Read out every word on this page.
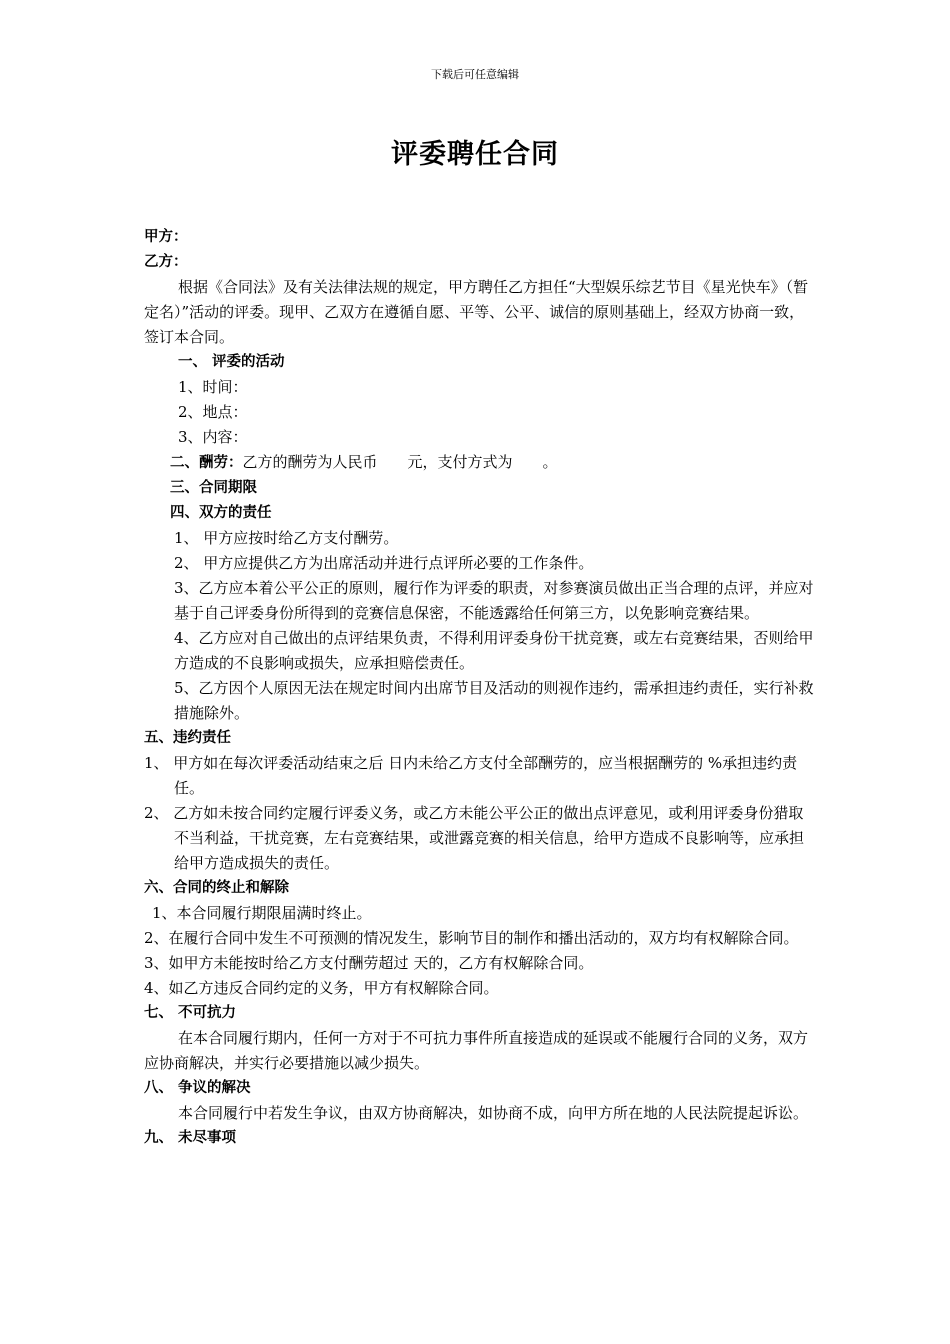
下载后可任意编辑
评委聘任合同
甲方：
乙方：
根据《合同法》及有关法律法规的规定，甲方聘任乙方担任“大型娱乐综艺节目《星光快车》（暂定名）”活动的评委。现甲、乙双方在遵循自愿、平等、公平、诚信的原则基础上，经双方协商一致，签订本合同。
一、 评委的活动
1、时间：
2、地点：
3、内容：
二、酬劳：乙方的酬劳为人民币　　元，支付方式为　　。
三、合同期限
四、双方的责任
1、 甲方应按时给乙方支付酬劳。
2、 甲方应提供乙方为出席活动并进行点评所必要的工作条件。
3、乙方应本着公平公正的原则，履行作为评委的职责，对参赛演员做出正当合理的点评，并应对基于自己评委身份所得到的竞赛信息保密，不能透露给任何第三方，以免影响竞赛结果。
4、乙方应对自己做出的点评结果负责，不得利用评委身份干扰竞赛，或左右竞赛结果，否则给甲方造成的不良影响或损失，应承担赔偿责任。
5、乙方因个人原因无法在规定时间内出席节目及活动的则视作违约，需承担违约责任，实行补救措施除外。
五、违约责任
1、 甲方如在每次评委活动结束之后 日内未给乙方支付全部酬劳的，应当根据酬劳的 %承担违约责任。
2、 乙方如未按合同约定履行评委义务，或乙方未能公平公正的做出点评意见，或利用评委身份猎取不当利益，干扰竞赛，左右竞赛结果，或泄露竞赛的相关信息，给甲方造成不良影响等，应承担给甲方造成损失的责任。
六、合同的终止和解除
1、本合同履行期限届满时终止。
2、在履行合同中发生不可预测的情况发生，影响节目的制作和播出活动的，双方均有权解除合同。
3、如甲方未能按时给乙方支付酬劳超过 天的，乙方有权解除合同。
4、如乙方违反合同约定的义务，甲方有权解除合同。
七、 不可抗力
在本合同履行期内，任何一方对于不可抗力事件所直接造成的延误或不能履行合同的义务，双方应协商解决，并实行必要措施以减少损失。
八、 争议的解决
本合同履行中若发生争议，由双方协商解决，如协商不成，向甲方所在地的人民法院提起诉讼。
九、 未尽事项
